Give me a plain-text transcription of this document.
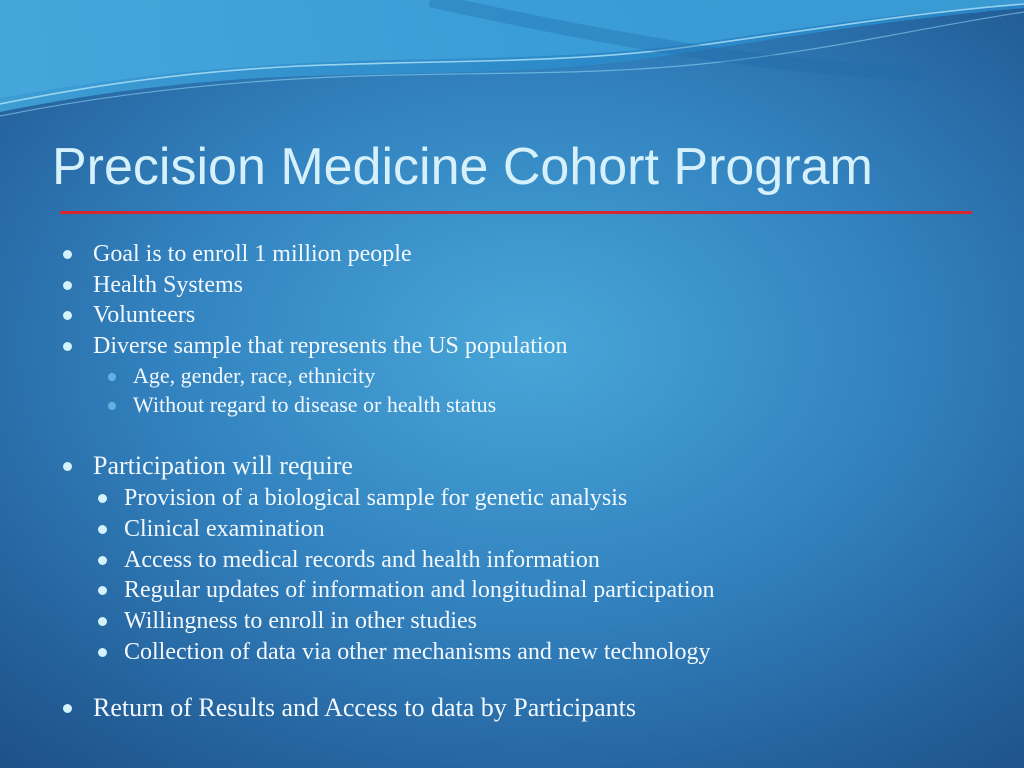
Precision Medicine Cohort Program
Goal is to enroll 1 million people
Health Systems
Volunteers
Diverse sample that represents the US population
Age, gender, race, ethnicity
Without regard to disease or health status
Participation will require
Provision of a biological sample for genetic analysis
Clinical examination
Access to medical records and health information
Regular updates of information and longitudinal participation
Willingness to enroll in other studies
Collection of data via other mechanisms and new technology
Return of Results and Access to data by Participants
